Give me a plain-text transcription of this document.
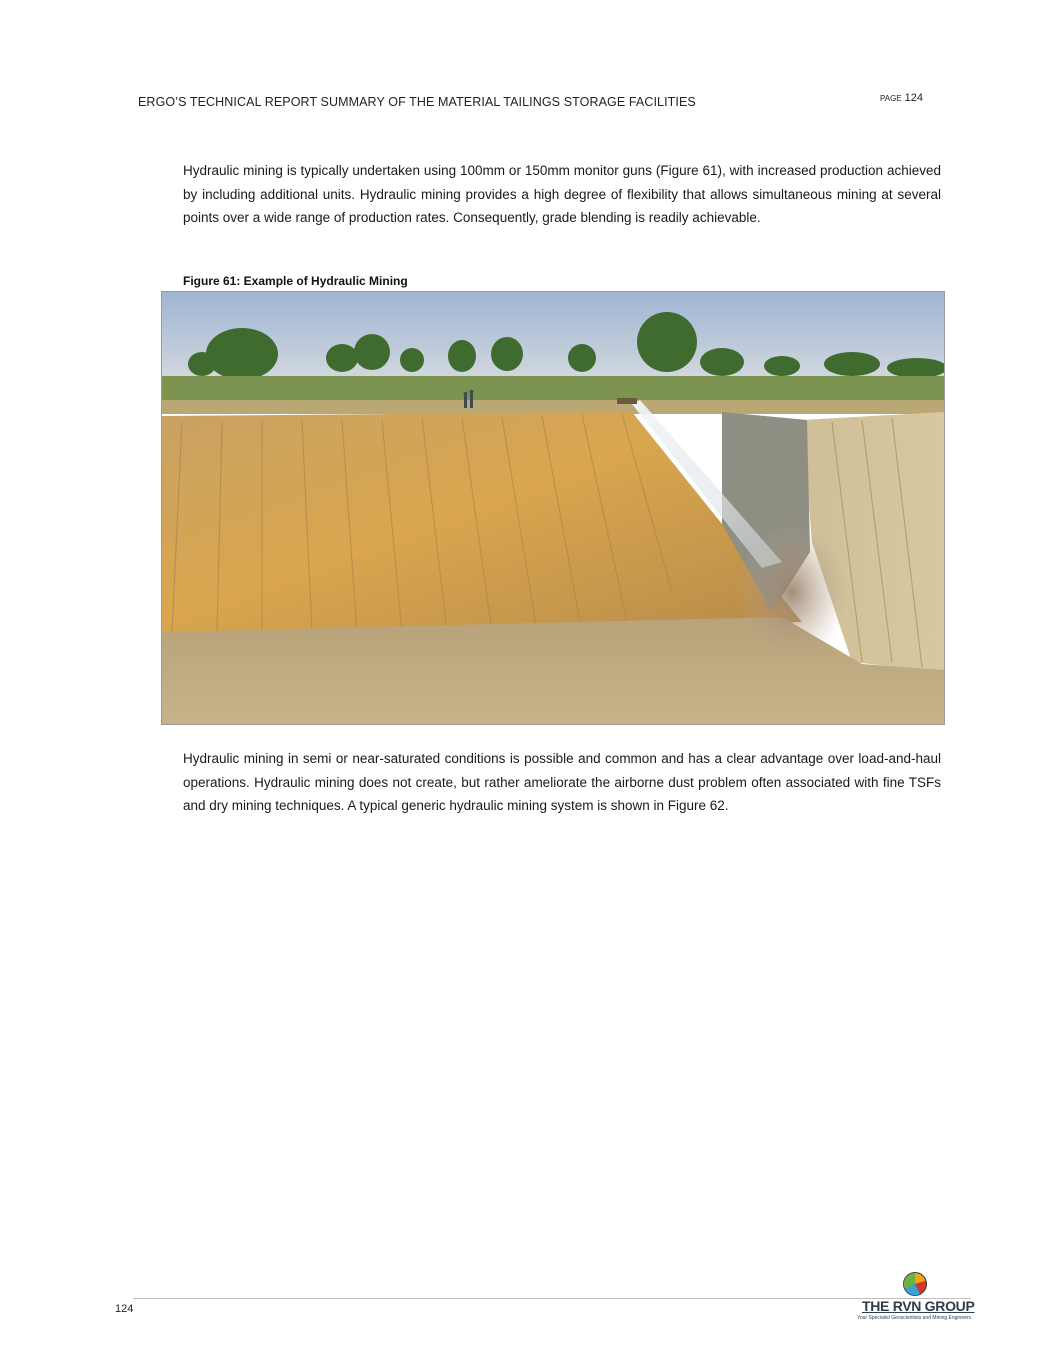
ERGO’S TECHNICAL REPORT SUMMARY OF THE MATERIAL TAILINGS STORAGE FACILITIES	PAGE 124

Hydraulic mining is typically undertaken using 100mm or 150mm monitor guns (Figure 61), with increased production achieved by including additional units. Hydraulic mining provides a high degree of flexibility that allows simultaneous mining at several points over a wide range of production rates. Consequently, grade blending is readily achievable.

Figure 61: Example of Hydraulic Mining

Hydraulic mining in semi or near-saturated conditions is possible and common and has a clear advantage over load-and-haul operations. Hydraulic mining does not create, but rather ameliorate the airborne dust problem often associated with fine TSFs and dry mining techniques. A typical generic hydraulic mining system is shown in Figure 62.

124	THE RVN GROUP
Your Specialist Geoscientists and Mining Engineers
